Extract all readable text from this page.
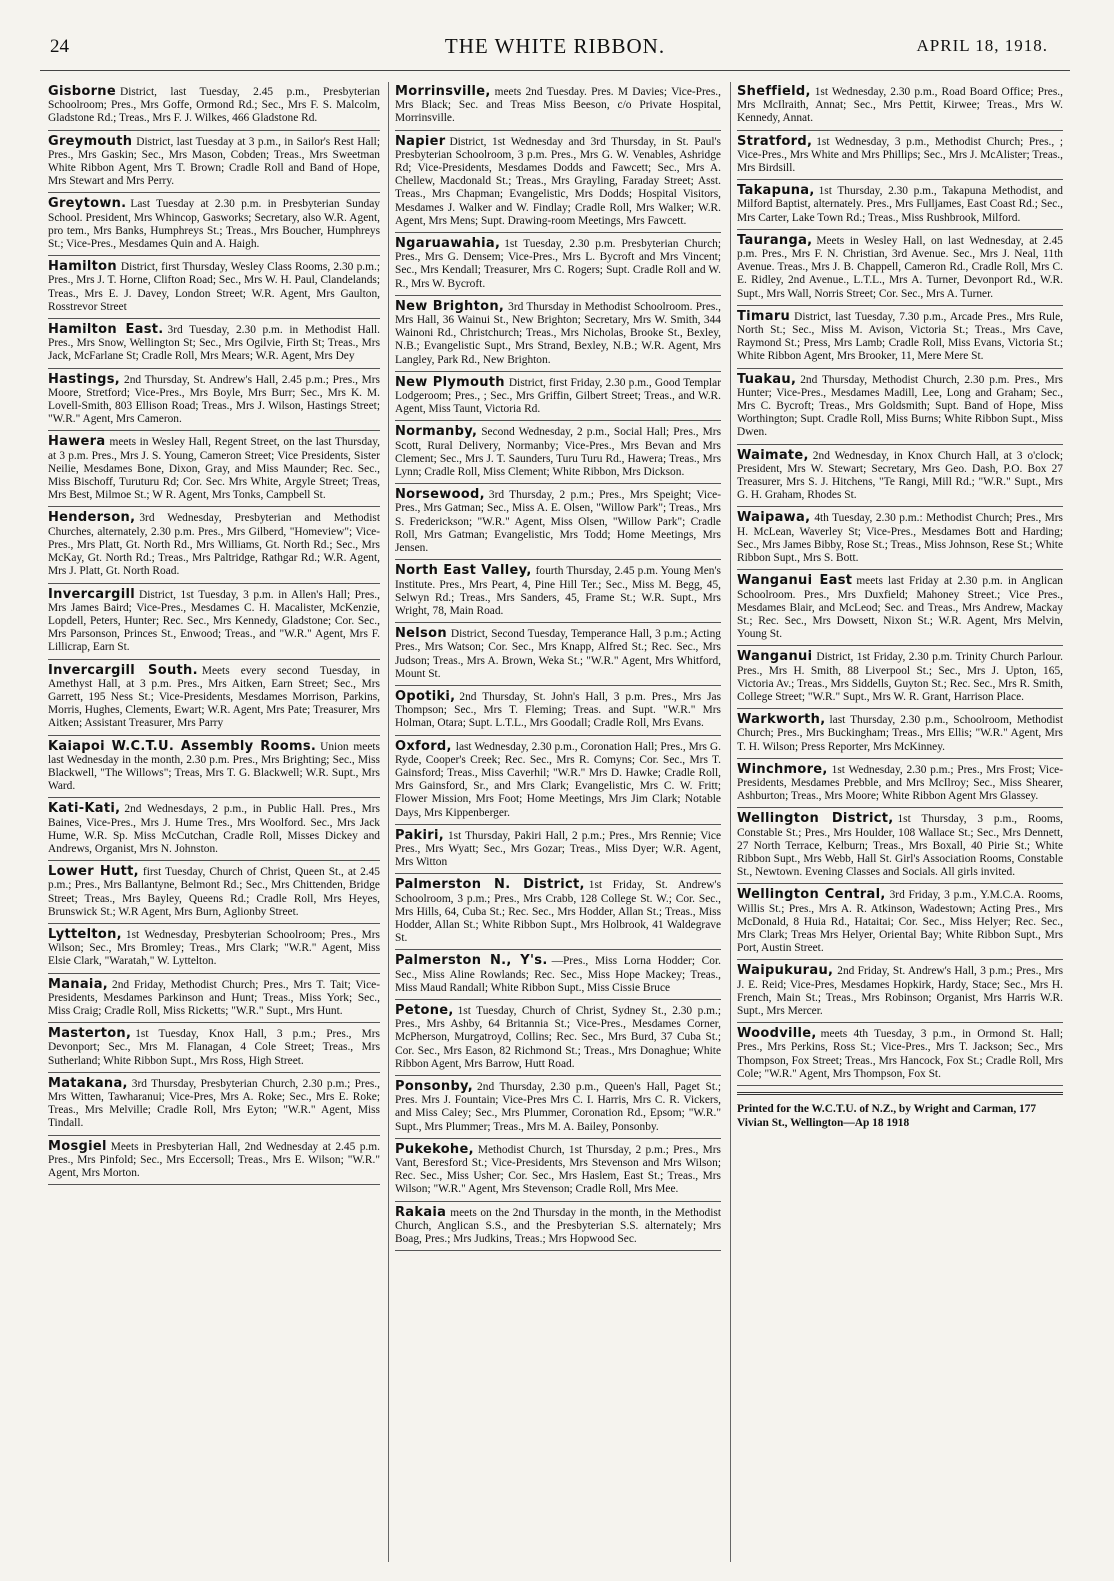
24	THE WHITE RIBBON.	APRIL 18, 1918.
Gisborne District, last Tuesday, 2.45 p.m., Presbyterian Schoolroom; Pres., Mrs Goffe, Ormond Rd.; Sec., Mrs F. S. Malcolm, Gladstone Rd.; Treas., Mrs F. J. Wilkes, 466 Gladstone Rd.
Greymouth District, last Tuesday at 3 p.m., in Sailor's Rest Hall; Pres., Mrs Gaskin; Sec., Mrs Mason, Cobden; Treas., Mrs Sweetman White Ribbon Agent, Mrs T. Brown; Cradle Roll and Band of Hope, Mrs Stewart and Mrs Perry.
Greytown. Last Tuesday at 2.30 p.m. in Presbyterian Sunday School. President, Mrs Whincop, Gasworks; Secretary, also W.R. Agent, pro tem., Mrs Banks, Humphreys St.; Treas., Mrs Boucher, Humphreys St.; Vice-Pres., Mesdames Quin and A. Haigh.
Hamilton District, first Thursday, Wesley Class Rooms, 2.30 p.m.; Pres., Mrs J. T. Horne, Clifton Road; Sec., Mrs W. H. Paul, Clandelands; Treas., Mrs E. J. Davey, London Street; W.R. Agent, Mrs Gaulton, Rosstrevor Street
Hamilton East. 3rd Tuesday, 2.30 p.m. in Methodist Hall. Pres., Mrs Snow, Wellington St; Sec., Mrs Ogilvie, Firth St; Treas., Mrs Jack, McFarlane St; Cradle Roll, Mrs Mears; W.R. Agent, Mrs Dey
Hastings, 2nd Thursday, St. Andrew's Hall, 2.45 p.m.; Pres., Mrs Moore, Stretford; Vice-Pres., Mrs Boyle, Mrs Burr; Sec., Mrs K. M. Lovell-Smith, 803 Ellison Road; Treas., Mrs J. Wilson, Hastings Street; "W.R." Agent, Mrs Cameron.
Hawera meets in Wesley Hall, Regent Street, on the last Thursday, at 3 p.m. Pres., Mrs J. S. Young, Cameron Street; Vice Presidents, Sister Neilie, Mesdames Bone, Dixon, Gray, and Miss Maunder; Rec. Sec., Miss Bischoff, Turuturu Rd; Cor. Sec. Mrs White, Argyle Street; Treas, Mrs Best, Milmoe St.; W R. Agent, Mrs Tonks, Campbell St.
Henderson, 3rd Wednesday, Presbyterian and Methodist Churches, alternately, 2.30 p.m. Pres., Mrs Gilberd, "Homeview"; Vice-Pres., Mrs Platt, Gt. North Rd., Mrs Williams, Gt. North Rd.; Sec., Mrs McKay, Gt. North Rd.; Treas., Mrs Paltridge, Rathgar Rd.; W.R. Agent, Mrs J. Platt, Gt. North Road.
Invercargill District, 1st Tuesday, 3 p.m. in Allen's Hall; Pres., Mrs James Baird; Vice-Pres., Mesdames C. H. Macalister, McKenzie, Lopdell, Peters, Hunter; Rec. Sec., Mrs Kennedy, Gladstone; Cor. Sec., Mrs Parsonson, Princes St., Enwood; Treas., and "W.R." Agent, Mrs F. Lillicrap, Earn St.
Invercargill South. Meets every second Tuesday, in Amethyst Hall, at 3 p.m. Pres., Mrs Aitken, Earn Street; Sec., Mrs Garrett, 195 Ness St.; Vice-Presidents, Mesdames Morrison, Parkins, Morris, Hughes, Clements, Ewart; W.R. Agent, Mrs Pate; Treasurer, Mrs Aitken; Assistant Treasurer, Mrs Parry
Kaiapoi W.C.T.U. Assembly Rooms. Union meets last Wednesday in the month, 2.30 p.m. Pres., Mrs Brighting; Sec., Miss Blackwell, "The Willows"; Treas, Mrs T. G. Blackwell; W.R. Supt., Mrs Ward.
Kati-Kati, 2nd Wednesdays, 2 p.m., in Public Hall. Pres., Mrs Baines, Vice-Pres., Mrs J. Hume Tres., Mrs Woolford. Sec., Mrs Jack Hume, W.R. Sp. Miss McCutchan, Cradle Roll, Misses Dickey and Andrews, Organist, Mrs N. Johnston.
Lower Hutt, first Tuesday, Church of Christ, Queen St., at 2.45 p.m.; Pres., Mrs Ballantyne, Belmont Rd.; Sec., Mrs Chittenden, Bridge Street; Treas., Mrs Bayley, Queens Rd.; Cradle Roll, Mrs Heyes, Brunswick St.; W.R Agent, Mrs Burn, Aglionby Street.
Lyttelton, 1st Wednesday, Presbyterian Schoolroom; Pres., Mrs Wilson; Sec., Mrs Bromley; Treas., Mrs Clark; "W.R." Agent, Miss Elsie Clark, "Waratah," W. Lyttelton.
Manaia, 2nd Friday, Methodist Church; Pres., Mrs T. Tait; Vice-Presidents, Mesdames Parkinson and Hunt; Treas., Miss York; Sec., Miss Craig; Cradle Roll, Miss Ricketts; "W.R." Supt., Mrs Hunt.
Masterton, 1st Tuesday, Knox Hall, 3 p.m.; Pres., Mrs Devonport; Sec., Mrs M. Flanagan, 4 Cole Street; Treas., Mrs Sutherland; White Ribbon Supt., Mrs Ross, High Street.
Matakana, 3rd Thursday, Presbyterian Church, 2.30 p.m.; Pres., Mrs Witten, Tawharanui; Vice-Pres, Mrs A. Roke; Sec., Mrs E. Roke; Treas., Mrs Melville; Cradle Roll, Mrs Eyton; "W.R." Agent, Miss Tindall.
Mosgiel Meets in Presbyterian Hall, 2nd Wednesday at 2.45 p.m. Pres., Mrs Pinfold; Sec., Mrs Eccersoll; Treas., Mrs E. Wilson; "W.R." Agent, Mrs Morton.
Morrinsville, meets 2nd Tuesday. Pres. M Davies; Vice-Pres., Mrs Black; Sec. and Treas Miss Beeson, c/o Private Hospital, Morrinsville.
Napier District, 1st Wednesday and 3rd Thursday, in St. Paul's Presbyterian Schoolroom, 3 p.m. Pres., Mrs G. W. Venables, Ashridge Rd; Vice-Presidents, Mesdames Dodds and Fawcett; Sec., Mrs A. Chellew, Macdonald St.; Treas., Mrs Grayling, Faraday Street; Asst. Treas., Mrs Chapman; Evangelistic, Mrs Dodds; Hospital Visitors, Mesdames J. Walker and W. Findlay; Cradle Roll, Mrs Walker; W.R. Agent, Mrs Mens; Supt. Drawing-room Meetings, Mrs Fawcett.
Ngaruawahia, 1st Tuesday, 2.30 p.m. Presbyterian Church; Pres., Mrs G. Densem; Vice-Pres., Mrs L. Bycroft and Mrs Vincent; Sec., Mrs Kendall; Treasurer, Mrs C. Rogers; Supt. Cradle Roll and W. R., Mrs W. Bycroft.
New Brighton, 3rd Thursday in Methodist Schoolroom. Pres., Mrs Hall, 36 Wainui St., New Brighton; Secretary, Mrs W. Smith, 344 Wainoni Rd., Christchurch; Treas., Mrs Nicholas, Brooke St., Bexley, N.B.; Evangelistic Supt., Mrs Strand, Bexley, N.B.; W.R. Agent, Mrs Langley, Park Rd., New Brighton.
New Plymouth District, first Friday, 2.30 p.m., Good Templar Lodgeroom; Pres., ; Sec., Mrs Griffin, Gilbert Street; Treas., and W.R. Agent, Miss Taunt, Victoria Rd.
Normanby, Second Wednesday, 2 p.m., Social Hall; Pres., Mrs Scott, Rural Delivery, Normanby; Vice-Pres., Mrs Bevan and Mrs Clement; Sec., Mrs J. T. Saunders, Turu Turu Rd., Hawera; Treas., Mrs Lynn; Cradle Roll, Miss Clement; White Ribbon, Mrs Dickson.
Norsewood, 3rd Thursday, 2 p.m.; Pres., Mrs Speight; Vice-Pres., Mrs Gatman; Sec., Miss A. E. Olsen, "Willow Park"; Treas., Mrs S. Frederickson; "W.R." Agent, Miss Olsen, "Willow Park"; Cradle Roll, Mrs Gatman; Evangelistic, Mrs Todd; Home Meetings, Mrs Jensen.
North East Valley, fourth Thursday, 2.45 p.m. Young Men's Institute. Pres., Mrs Peart, 4, Pine Hill Ter.; Sec., Miss M. Begg, 45, Selwyn Rd.; Treas., Mrs Sanders, 45, Frame St.; W.R. Supt., Mrs Wright, 78, Main Road.
Nelson District, Second Tuesday, Temperance Hall, 3 p.m.; Acting Pres., Mrs Watson; Cor. Sec., Mrs Knapp, Alfred St.; Rec. Sec., Mrs Judson; Treas., Mrs A. Brown, Weka St.; "W.R." Agent, Mrs Whitford, Mount St.
Opotiki, 2nd Thursday, St. John's Hall, 3 p.m. Pres., Mrs Jas Thompson; Sec., Mrs T. Fleming; Treas. and Supt. "W.R." Mrs Holman, Otara; Supt. L.T.L., Mrs Goodall; Cradle Roll, Mrs Evans.
Oxford, last Wednesday, 2.30 p.m., Coronation Hall; Pres., Mrs G. Ryde, Cooper's Creek; Rec. Sec., Mrs R. Comyns; Cor. Sec., Mrs T. Gainsford; Treas., Miss Caverhil; "W.R." Mrs D. Hawke; Cradle Roll, Mrs Gainsford, Sr., and Mrs Clark; Evangelistic, Mrs C. W. Fritt; Flower Mission, Mrs Foot; Home Meetings, Mrs Jim Clark; Notable Days, Mrs Kippenberger.
Pakiri, 1st Thursday, Pakiri Hall, 2 p.m.; Pres., Mrs Rennie; Vice Pres., Mrs Wyatt; Sec., Mrs Gozar; Treas., Miss Dyer; W.R. Agent, Mrs Witton
Palmerston N. District, 1st Friday, St. Andrew's Schoolroom, 3 p.m.; Pres., Mrs Crabb, 128 College St. W.; Cor. Sec., Mrs Hills, 64, Cuba St.; Rec. Sec., Mrs Hodder, Allan St.; Treas., Miss Hodder, Allan St.; White Ribbon Supt., Mrs Holbrook, 41 Waldegrave St.
Palmerston N., Y's. —Pres., Miss Lorna Hodder; Cor. Sec., Miss Aline Rowlands; Rec. Sec., Miss Hope Mackey; Treas., Miss Maud Randall; White Ribbon Supt., Miss Cissie Bruce
Petone, 1st Tuesday, Church of Christ, Sydney St., 2.30 p.m.; Pres., Mrs Ashby, 64 Britannia St.; Vice-Pres., Mesdames Corner, McPherson, Murgatroyd, Collins; Rec. Sec., Mrs Burd, 37 Cuba St.; Cor. Sec., Mrs Eason, 82 Richmond St.; Treas., Mrs Donaghue; White Ribbon Agent, Mrs Barrow, Hutt Road.
Ponsonby, 2nd Thursday, 2.30 p.m., Queen's Hall, Paget St.; Pres. Mrs J. Fountain; Vice-Pres Mrs C. I. Harris, Mrs C. R. Vickers, and Miss Caley; Sec., Mrs Plummer, Coronation Rd., Epsom; "W.R." Supt., Mrs Plummer; Treas., Mrs M. A. Bailey, Ponsonby.
Pukekohe, Methodist Church, 1st Thursday, 2 p.m.; Pres., Mrs Vant, Beresford St.; Vice-Presidents, Mrs Stevenson and Mrs Wilson; Rec. Sec., Miss Usher; Cor. Sec., Mrs Haslem, East St.; Treas., Mrs Wilson; "W.R." Agent, Mrs Stevenson; Cradle Roll, Mrs Mee.
Rakaia meets on the 2nd Thursday in the month, in the Methodist Church, Anglican S.S., and the Presbyterian S.S. alternately; Mrs Boag, Pres.; Mrs Judkins, Treas.; Mrs Hopwood Sec.
Sheffield, 1st Wednesday, 2.30 p.m., Road Board Office; Pres., Mrs McIlraith, Annat; Sec., Mrs Pettit, Kirwee; Treas., Mrs W. Kennedy, Annat.
Stratford, 1st Wednesday, 3 p.m., Methodist Church; Pres., ; Vice-Pres., Mrs White and Mrs Phillips; Sec., Mrs J. McAlister; Treas., Mrs Birdsill.
Takapuna, 1st Thursday, 2.30 p.m., Takapuna Methodist, and Milford Baptist, alternately. Pres., Mrs Fulljames, East Coast Rd.; Sec., Mrs Carter, Lake Town Rd.; Treas., Miss Rushbrook, Milford.
Tauranga, Meets in Wesley Hall, on last Wednesday, at 2.45 p.m. Pres., Mrs F. N. Christian, 3rd Avenue. Sec., Mrs J. Neal, 11th Avenue. Treas., Mrs J. B. Chappell, Cameron Rd., Cradle Roll, Mrs C. E. Ridley, 2nd Avenue., L.T.L., Mrs A. Turner, Devonport Rd., W.R. Supt., Mrs Wall, Norris Street; Cor. Sec., Mrs A. Turner.
Timaru District, last Tuesday, 7.30 p.m., Arcade Pres., Mrs Rule, North St.; Sec., Miss M. Avison, Victoria St.; Treas., Mrs Cave, Raymond St.; Press, Mrs Lamb; Cradle Roll, Miss Evans, Victoria St.; White Ribbon Agent, Mrs Brooker, 11, Mere Mere St.
Tuakau, 2nd Thursday, Methodist Church, 2.30 p.m. Pres., Mrs Hunter; Vice-Pres., Mesdames Madill, Lee, Long and Graham; Sec., Mrs C. Bycroft; Treas., Mrs Goldsmith; Supt. Band of Hope, Miss Worthington; Supt. Cradle Roll, Miss Burns; White Ribbon Supt., Miss Dwen.
Waimate, 2nd Wednesday, in Knox Church Hall, at 3 o'clock; President, Mrs W. Stewart; Secretary, Mrs Geo. Dash, P.O. Box 27 Treasurer, Mrs S. J. Hitchens, "Te Rangi, Mill Rd.; "W.R." Supt., Mrs G. H. Graham, Rhodes St.
Waipawa, 4th Tuesday, 2.30 p.m.: Methodist Church; Pres., Mrs H. McLean, Waverley St; Vice-Pres., Mesdames Bott and Harding; Sec., Mrs James Bibby, Rose St.; Treas., Miss Johnson, Rese St.; White Ribbon Supt., Mrs S. Bott.
Wanganui East meets last Friday at 2.30 p.m. in Anglican Schoolroom. Pres., Mrs Duxfield; Mahoney Street.; Vice Pres., Mesdames Blair, and McLeod; Sec. and Treas., Mrs Andrew, Mackay St.; Rec. Sec., Mrs Dowsett, Nixon St.; W.R. Agent, Mrs Melvin, Young St.
Wanganui District, 1st Friday, 2.30 p.m. Trinity Church Parlour. Pres., Mrs H. Smith, 88 Liverpool St.; Sec., Mrs J. Upton, 165, Victoria Av.; Treas., Mrs Siddells, Guyton St.; Rec. Sec., Mrs R. Smith, College Street; "W.R." Supt., Mrs W. R. Grant, Harrison Place.
Warkworth, last Thursday, 2.30 p.m., Schoolroom, Methodist Church; Pres., Mrs Buckingham; Treas., Mrs Ellis; "W.R." Agent, Mrs T. H. Wilson; Press Reporter, Mrs McKinney.
Winchmore, 1st Wednesday, 2.30 p.m.; Pres., Mrs Frost; Vice-Presidents, Mesdames Prebble, and Mrs McIlroy; Sec., Miss Shearer, Ashburton; Treas., Mrs Moore; White Ribbon Agent Mrs Glassey.
Wellington District, 1st Thursday, 3 p.m., Rooms, Constable St.; Pres., Mrs Houlder, 108 Wallace St.; Sec., Mrs Dennett, 27 North Terrace, Kelburn; Treas., Mrs Boxall, 40 Pirie St.; White Ribbon Supt., Mrs Webb, Hall St. Girl's Association Rooms, Constable St., Newtown. Evening Classes and Socials. All girls invited.
Wellington Central, 3rd Friday, 3 p.m., Y.M.C.A. Rooms, Willis St.; Pres., Mrs A. R. Atkinson, Wadestown; Acting Pres., Mrs McDonald, 8 Huia Rd., Hataitai; Cor. Sec., Miss Helyer; Rec. Sec., Mrs Clark; Treas Mrs Helyer, Oriental Bay; White Ribbon Supt., Mrs Port, Austin Street.
Waipukurau, 2nd Friday, St. Andrew's Hall, 3 p.m.; Pres., Mrs J. E. Reid; Vice-Pres, Mesdames Hopkirk, Hardy, Stace; Sec., Mrs H. French, Main St.; Treas., Mrs Robinson; Organist, Mrs Harris W.R. Supt., Mrs Mercer.
Woodville, meets 4th Tuesday, 3 p.m., in Ormond St. Hall; Pres., Mrs Perkins, Ross St.; Vice-Pres., Mrs T. Jackson; Sec., Mrs Thompson, Fox Street; Treas., Mrs Hancock, Fox St.; Cradle Roll, Mrs Cole; "W.R." Agent, Mrs Thompson, Fox St.
Printed for the W.C.T.U. of N.Z., by Wright and Carman, 177 Vivian St., Wellington—Ap 18 1918
